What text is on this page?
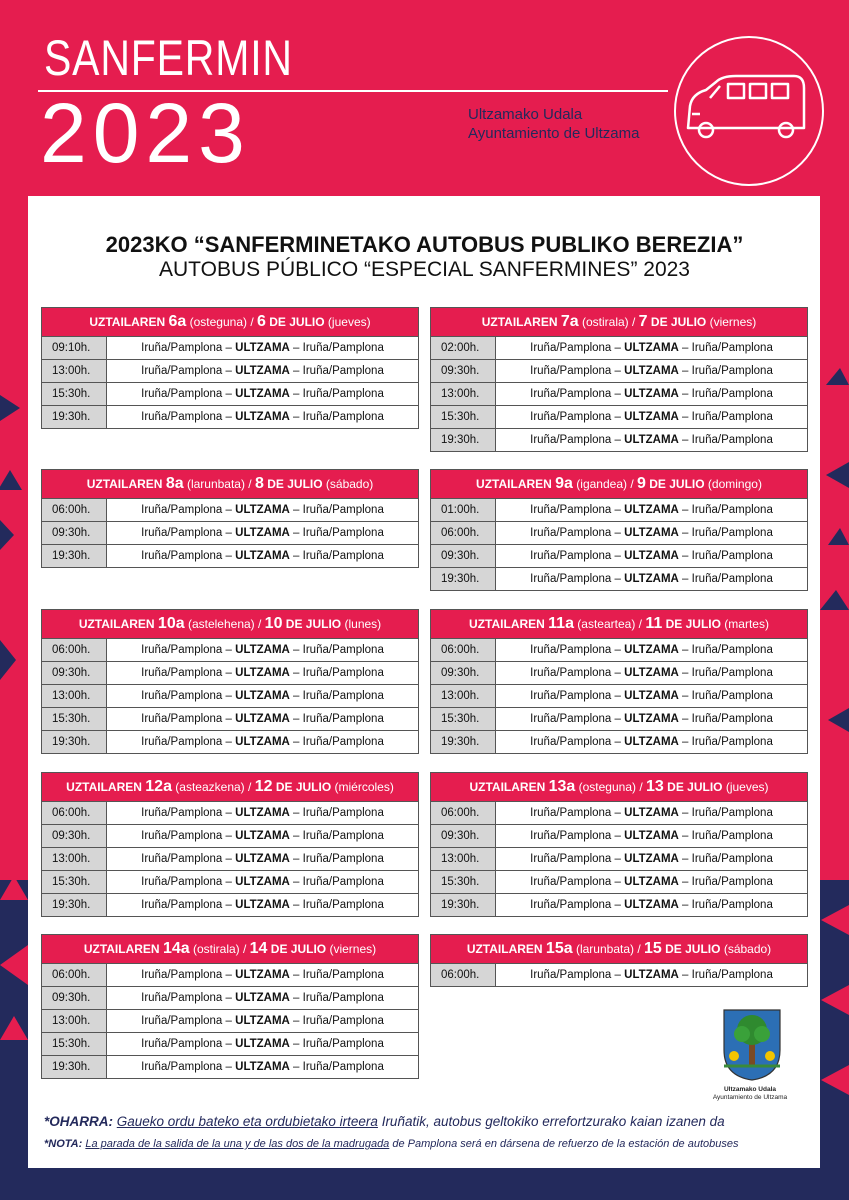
SANFERMIN
2023	Ultzamako Udala
Ayuntamiento de Ultzama
2023KO “SANFERMINETAKO AUTOBUS PUBLIKO BEREZIA”
AUTOBUS PÚBLICO “ESPECIAL SANFERMINES” 2023
UZTAILAREN 6a (osteguna) / 6 DE JULIO (jueves)
09:10h.	Iruña/Pamplona – ULTZAMA – Iruña/Pamplona
13:00h.	Iruña/Pamplona – ULTZAMA – Iruña/Pamplona
15:30h.	Iruña/Pamplona – ULTZAMA – Iruña/Pamplona
19:30h.	Iruña/Pamplona – ULTZAMA – Iruña/Pamplona
UZTAILAREN 7a (ostirala) / 7 DE JULIO (viernes)
02:00h.	Iruña/Pamplona – ULTZAMA – Iruña/Pamplona
09:30h.	Iruña/Pamplona – ULTZAMA – Iruña/Pamplona
13:00h.	Iruña/Pamplona – ULTZAMA – Iruña/Pamplona
15:30h.	Iruña/Pamplona – ULTZAMA – Iruña/Pamplona
19:30h.	Iruña/Pamplona – ULTZAMA – Iruña/Pamplona
UZTAILAREN 8a (larunbata) / 8 DE JULIO (sábado)
06:00h.	Iruña/Pamplona – ULTZAMA – Iruña/Pamplona
09:30h.	Iruña/Pamplona – ULTZAMA – Iruña/Pamplona
19:30h.	Iruña/Pamplona – ULTZAMA – Iruña/Pamplona
UZTAILAREN 9a (igandea) / 9 DE JULIO (domingo)
01:00h.	Iruña/Pamplona – ULTZAMA – Iruña/Pamplona
06:00h.	Iruña/Pamplona – ULTZAMA – Iruña/Pamplona
09:30h.	Iruña/Pamplona – ULTZAMA – Iruña/Pamplona
19:30h.	Iruña/Pamplona – ULTZAMA – Iruña/Pamplona
UZTAILAREN 10a (astelehena) / 10 DE JULIO (lunes)
06:00h.	Iruña/Pamplona – ULTZAMA – Iruña/Pamplona
09:30h.	Iruña/Pamplona – ULTZAMA – Iruña/Pamplona
13:00h.	Iruña/Pamplona – ULTZAMA – Iruña/Pamplona
15:30h.	Iruña/Pamplona – ULTZAMA – Iruña/Pamplona
19:30h.	Iruña/Pamplona – ULTZAMA – Iruña/Pamplona
UZTAILAREN 11a (asteartea) / 11 DE JULIO (martes)
06:00h.	Iruña/Pamplona – ULTZAMA – Iruña/Pamplona
09:30h.	Iruña/Pamplona – ULTZAMA – Iruña/Pamplona
13:00h.	Iruña/Pamplona – ULTZAMA – Iruña/Pamplona
15:30h.	Iruña/Pamplona – ULTZAMA – Iruña/Pamplona
19:30h.	Iruña/Pamplona – ULTZAMA – Iruña/Pamplona
UZTAILAREN 12a (asteazkena) / 12 DE JULIO (miércoles)
06:00h.	Iruña/Pamplona – ULTZAMA – Iruña/Pamplona
09:30h.	Iruña/Pamplona – ULTZAMA – Iruña/Pamplona
13:00h.	Iruña/Pamplona – ULTZAMA – Iruña/Pamplona
15:30h.	Iruña/Pamplona – ULTZAMA – Iruña/Pamplona
19:30h.	Iruña/Pamplona – ULTZAMA – Iruña/Pamplona
UZTAILAREN 13a (osteguna) / 13 DE JULIO (jueves)
06:00h.	Iruña/Pamplona – ULTZAMA – Iruña/Pamplona
09:30h.	Iruña/Pamplona – ULTZAMA – Iruña/Pamplona
13:00h.	Iruña/Pamplona – ULTZAMA – Iruña/Pamplona
15:30h.	Iruña/Pamplona – ULTZAMA – Iruña/Pamplona
19:30h.	Iruña/Pamplona – ULTZAMA – Iruña/Pamplona
UZTAILAREN 14a (ostirala) / 14 DE JULIO (viernes)
06:00h.	Iruña/Pamplona – ULTZAMA – Iruña/Pamplona
09:30h.	Iruña/Pamplona – ULTZAMA – Iruña/Pamplona
13:00h.	Iruña/Pamplona – ULTZAMA – Iruña/Pamplona
15:30h.	Iruña/Pamplona – ULTZAMA – Iruña/Pamplona
19:30h.	Iruña/Pamplona – ULTZAMA – Iruña/Pamplona
UZTAILAREN 15a (larunbata) / 15 DE JULIO (sábado)
06:00h.	Iruña/Pamplona – ULTZAMA – Iruña/Pamplona
*OHARRA: Gaueko ordu bateko eta ordubietako irteera Iruñatik, autobus geltokiko errefortzurako kaian izanen da
*NOTA: La parada de la salida de la una y de las dos de la madrugada de Pamplona será en dársena de refuerzo de la estación de autobuses
Ultzamako Udala
Ayuntamiento de Ultzama
